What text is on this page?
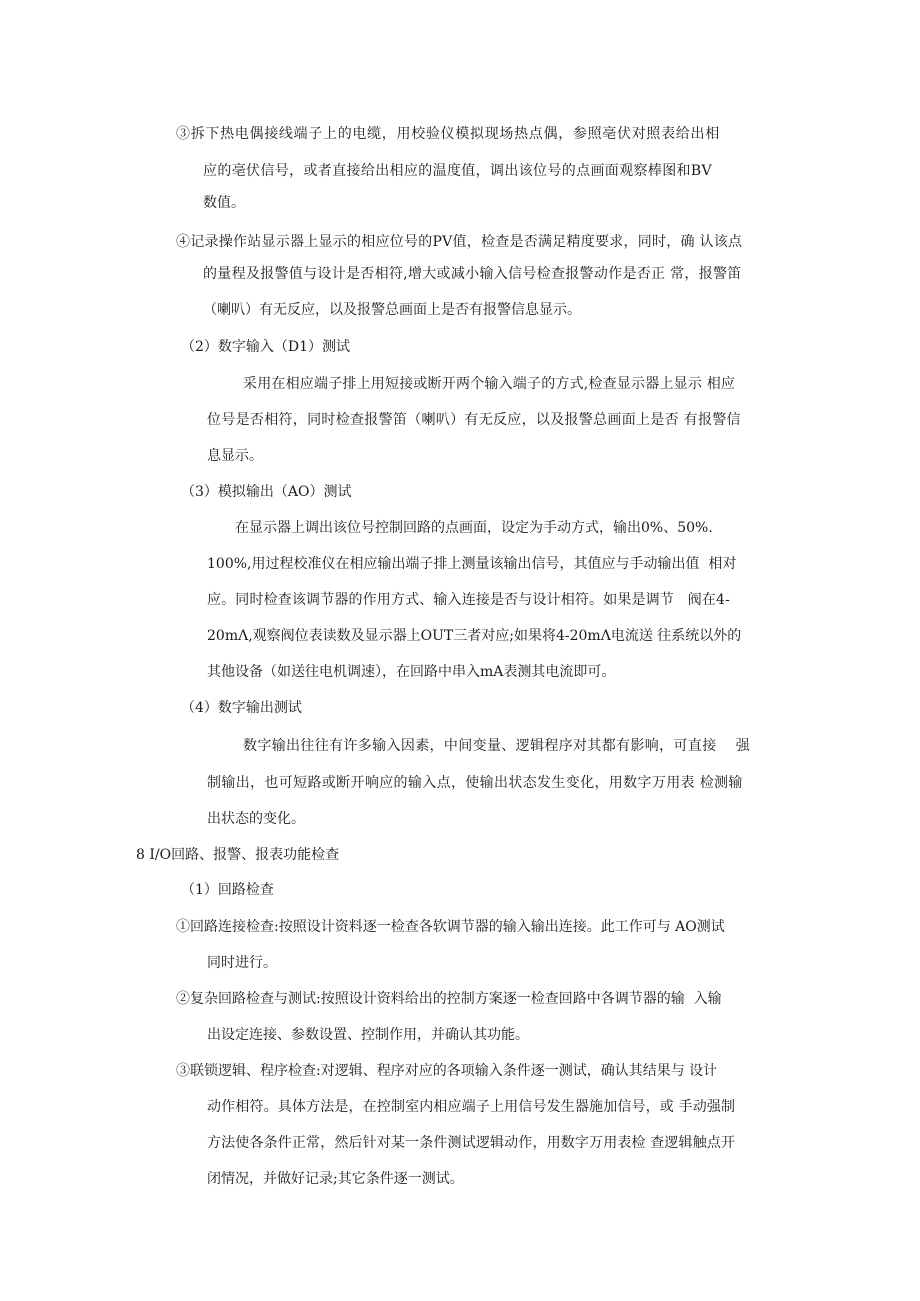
③拆下热电偶接线端子上的电缆，用校验仪模拟现场热点偶，参照亳伏对照表给出相
应的亳伏信号，或者直接给出相应的温度值，调出该位号的点画面观察棒图和BV
数值。
④记录操作站显示器上显示的相应位号的PV值，检查是否满足精度要求，同时，确 认该点
的量程及报警值与设计是否相符,增大或减小输入信号检查报警动作是否正 常，报警笛
（喇叭）有无反应，以及报警总画面上是否有报警信息显示。
（2）数字输入（D1）测试
采用在相应端子排上用短接或断开两个输入端子的方式,检查显示器上显示 相应
位号是否相符，同时检查报警笛（喇叭）有无反应，以及报警总画面上是否 有报警信
息显示。
（3）模拟输出（AO）测试
在显示器上调出该位号控制回路的点画面，设定为手动方式，输出0%、50%.
100%,用过程校准仪在相应输出端子排上测量该输出信号，其值应与手动输出值  相对
应。同时检查该调节器的作用方式、输入连接是否与设计相符。如果是调节   阀在4-
20mΛ,观察阀位表读数及显示器上OUT三者对应;如果将4-20mΛ电流送 往系统以外的
其他设备（如送往电机调速），在回路中串入mA表测其电流即可。
（4）数字输出测试
数字输出往往有许多输入因素，中间变量、逻辑程序对其都有影响，可直接    强
制输出，也可短路或断开响应的输入点，使输出状态发生变化，用数字万用表 检测输
出状态的变化。
8 I/O回路、报警、报表功能检查
（1）回路检查
①回路连接检查:按照设计资料逐一检查各软调节器的输入输出连接。此工作可与 AO测试
同时进行。
②复杂回路检查与测试:按照设计资料给出的控制方案逐一检查回路中各调节器的输  入输
出设定连接、参数设置、控制作用，并确认其功能。
③联锁逻辑、程序检查:对逻辑、程序对应的各项输入条件逐一测试，确认其结果与 设计
动作相符。具体方法是，在控制室内相应端子上用信号发生器施加信号，或 手动强制
方法使各条件正常，然后针对某一条件测试逻辑动作，用数字万用表检 查逻辑触点开
闭情况，并做好记录;其它条件逐一测试。
